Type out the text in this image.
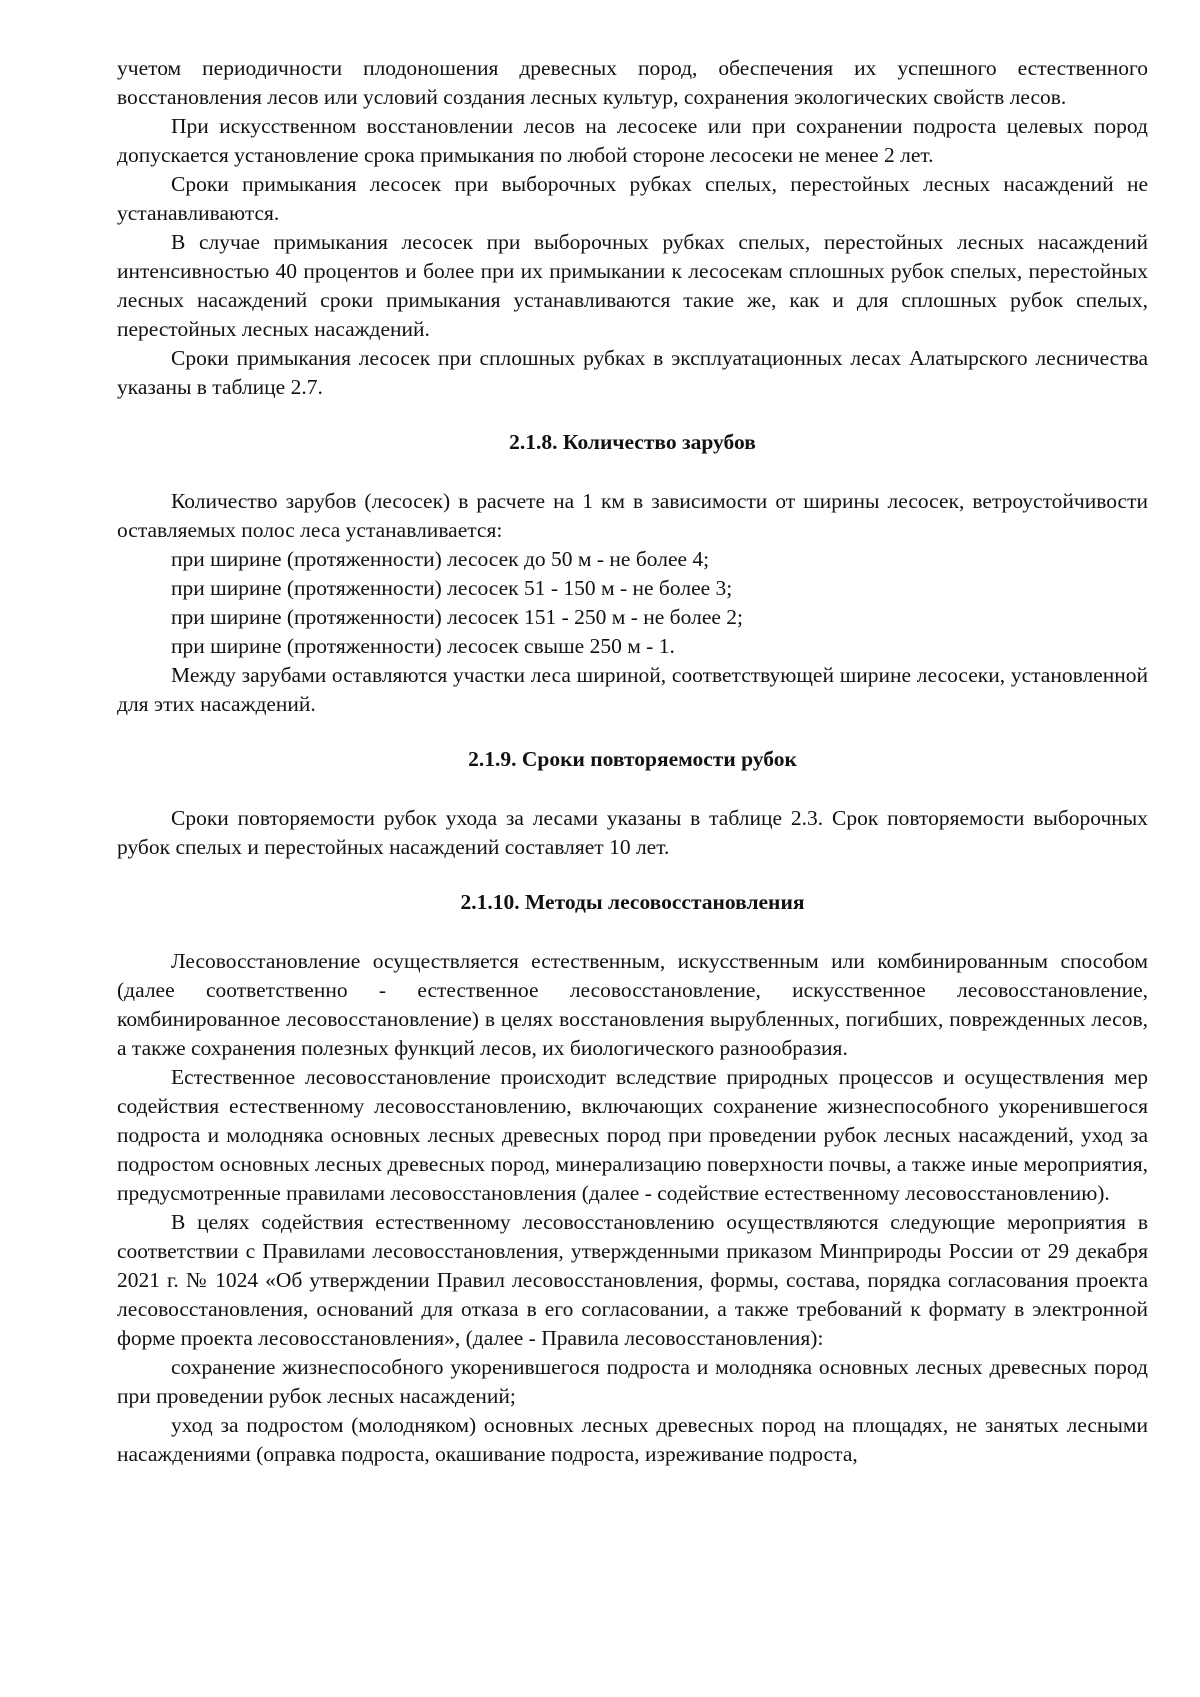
учетом периодичности плодоношения древесных пород, обеспечения их успешного естественного восстановления лесов или условий создания лесных культур, сохранения экологических свойств лесов.

При искусственном восстановлении лесов на лесосеке или при сохранении подроста целевых пород допускается установление срока примыкания по любой стороне лесосеки не менее 2 лет.

Сроки примыкания лесосек при выборочных рубках спелых, перестойных лесных насаждений не устанавливаются.

В случае примыкания лесосек при выборочных рубках спелых, перестойных лесных насаждений интенсивностью 40 процентов и более при их примыкании к лесосекам сплошных рубок спелых, перестойных лесных насаждений сроки примыкания устанавливаются такие же, как и для сплошных рубок спелых, перестойных лесных насаждений.

Сроки примыкания лесосек при сплошных рубках в эксплуатационных лесах Алатырского лесничества указаны в таблице 2.7.

2.1.8. Количество зарубов

Количество зарубов (лесосек) в расчете на 1 км в зависимости от ширины лесосек, ветроустойчивости оставляемых полос леса устанавливается:

при ширине (протяженности) лесосек до 50 м - не более 4;

при ширине (протяженности) лесосек 51 - 150 м - не более 3;

при ширине (протяженности) лесосек 151 - 250 м - не более 2;

при ширине (протяженности) лесосек свыше 250 м - 1.

Между зарубами оставляются участки леса шириной, соответствующей ширине лесосеки, установленной для этих насаждений.

2.1.9. Сроки повторяемости рубок

Сроки повторяемости рубок ухода за лесами указаны в таблице 2.3. Срок повторяемости выборочных рубок спелых и перестойных насаждений составляет 10 лет.

2.1.10. Методы лесовосстановления

Лесовосстановление осуществляется естественным, искусственным или комбинированным способом (далее соответственно - естественное лесовосстановление, искусственное лесовосстановление, комбинированное лесовосстановление) в целях восстановления вырубленных, погибших, поврежденных лесов, а также сохранения полезных функций лесов, их биологического разнообразия.

Естественное лесовосстановление происходит вследствие природных процессов и осуществления мер содействия естественному лесовосстановлению, включающих сохранение жизнеспособного укоренившегося подроста и молодняка основных лесных древесных пород при проведении рубок лесных насаждений, уход за подростом основных лесных древесных пород, минерализацию поверхности почвы, а также иные мероприятия, предусмотренные правилами лесовосстановления (далее - содействие естественному лесовосстановлению).

В целях содействия естественному лесовосстановлению осуществляются следующие мероприятия в соответствии с Правилами лесовосстановления, утвержденными приказом Минприроды России от 29 декабря 2021 г. № 1024 «Об утверждении Правил лесовосстановления, формы, состава, порядка согласования проекта лесовосстановления, оснований для отказа в его согласовании, а также требований к формату в электронной форме проекта лесовосстановления», (далее - Правила лесовосстановления):

сохранение жизнеспособного укоренившегося подроста и молодняка основных лесных древесных пород при проведении рубок лесных насаждений;

уход за подростом (молодняком) основных лесных древесных пород на площадях, не занятых лесными насаждениями (оправка подроста, окашивание подроста, изреживание подроста,
